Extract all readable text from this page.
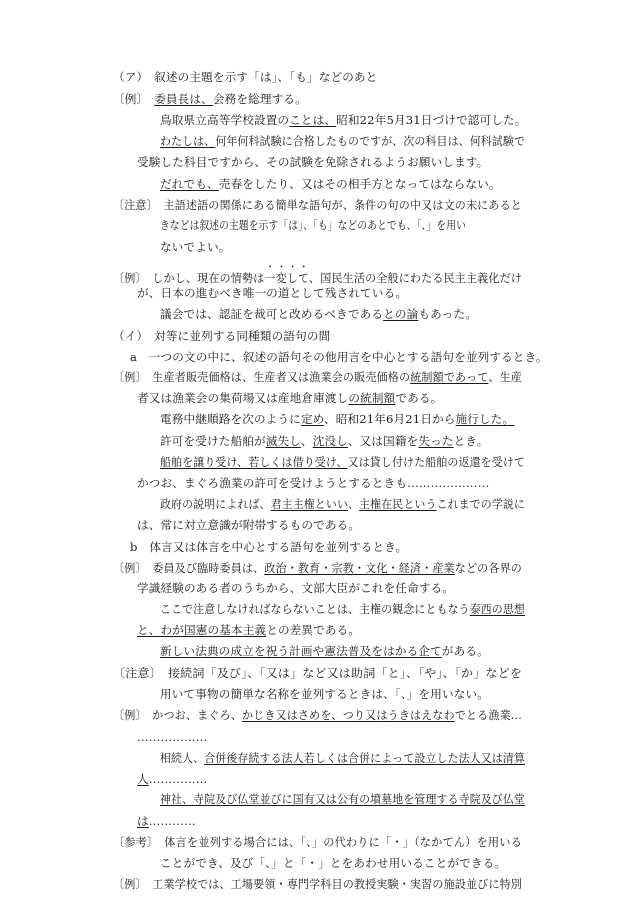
（ア）　叙述の主題を示す「は」、「も」などのあと
〔例〕　委員長は、会務を総理する。
鳥取県立高等学校設置のことは、昭和22年5月31日づけで認可した。
わたしは、何年何科試験に合格したものですが、次の科目は、何科試験で
受験した科目ですから、その試験を免除されるようお願いします。
だれでも、売春をしたり、又はその相手方となってはならない。
〔注意〕　主語述語の関係にある簡単な語句が、条件の句の中又は文の末にあると
きなどは叙述の主題を示す「は」、「も」などのあとでも、「、」を用い
ないでよい。
〔例〕　しかし、現在の情勢は一変して、国民生活の全般にわたる民主主義化だけ
が、日本の進むべき唯一の道として残されている。
議会では、認証を裁可と改めるべきであるとの論もあった。
（イ）　対等に並列する同種類の語句の間
a　一つの文の中に、叙述の語句その他用言を中心とする語句を並列するとき。
〔例〕　生産者販売価格は、生産者又は漁業会の販売価格の統制額であって、生産
者又は漁業会の集荷場又は産地倉庫渡しの統制額である。
電務中継順路を次のように定め、昭和21年6月21日から施行した。
許可を受けた船舶が滅失し、沈没し、又は国籍を失ったとき。
船舶を譲り受け、若しくは借り受け、又は貸し付けた船舶の返還を受けて
かつお、まぐろ漁業の許可を受けようとするときも…………………
政府の説明によれば、君主主権といい、主権在民というこれまでの学説に
は、常に対立意識が附帯するものである。
b　体言又は体言を中心とする語句を並列するとき。
〔例〕　委員及び臨時委員は、政治・教育・宗教・文化・経済・産業などの各界の
学識経験のある者のうちから、文部大臣がこれを任命する。
ここで注意しなければならないことは、主権の観念にともなう泰西の思想
と、わが国憲の基本主義との差異である。
新しい法典の成立を祝う計画や憲法普及をはかる企てがある。
〔注意〕　接続詞「及び」、「又は」など又は助詞「と」、「や」、「か」などを
用いて事物の簡単な名称を並列するときは、「、」を用いない。
〔例〕　かつお、まぐろ、かじき又はさめを、つり又はうきはえなわでとる漁業…
………………
相続人、合併後存続する法人若しくは合併によって設立した法人又は清算
人……………
神社、寺院及び仏堂並びに国有又は公有の墳墓地を管理する寺院及び仏堂
は…………
〔参考〕　体言を並列する場合には、「、」の代わりに「・」（なかてん）を用いる
ことができ、及び「、」と「・」とをあわせ用いることができる。
〔例〕　工業学校では、工場要領・専門学科目の教授実験・実習の施設並びに特別
